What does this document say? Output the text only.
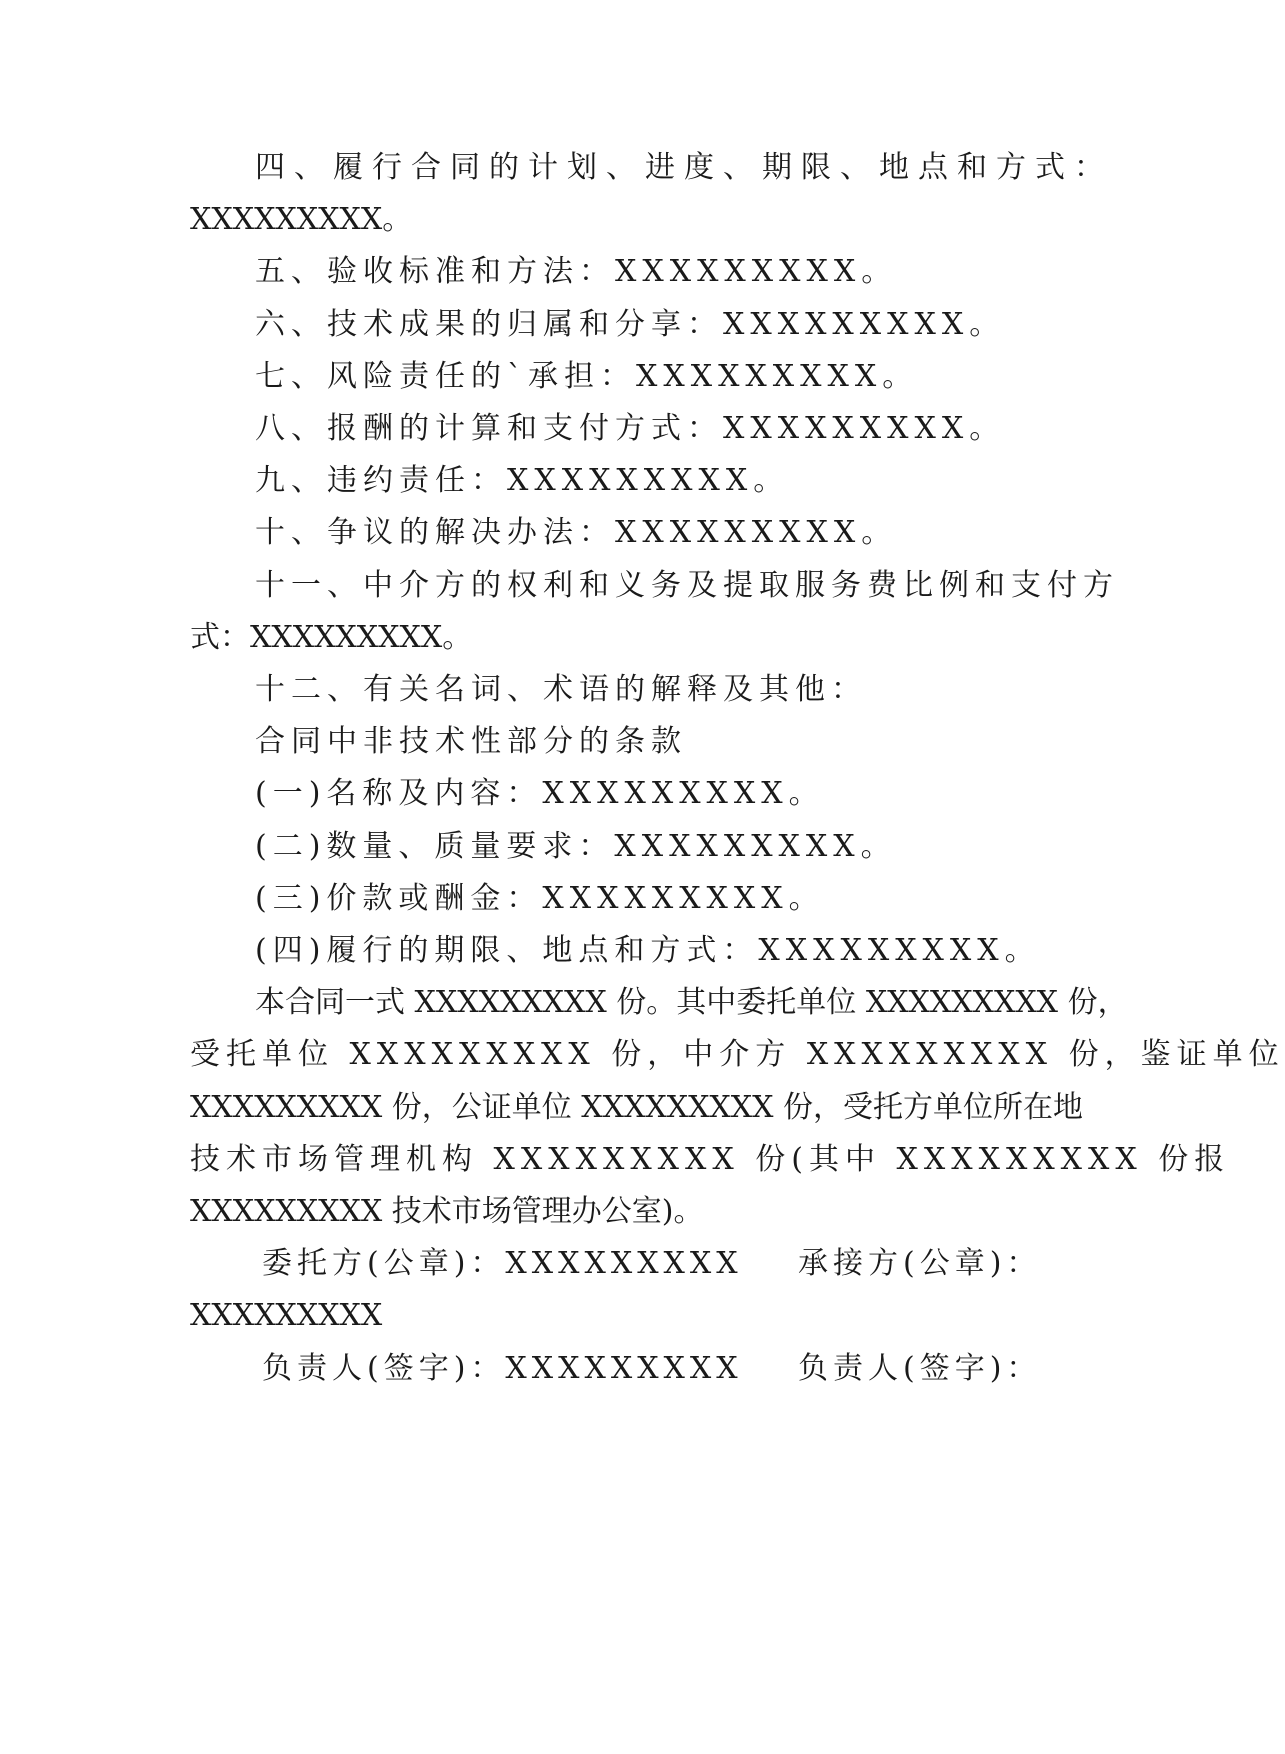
四、履行合同的计划、进度、期限、地点和方式：
XXXXXXXXX。
五、验收标准和方法：XXXXXXXXX。
六、技术成果的归属和分享：XXXXXXXXX。
七、风险责任的`承担：XXXXXXXXX。
八、报酬的计算和支付方式：XXXXXXXXX。
九、违约责任：XXXXXXXXX。
十、争议的解决办法：XXXXXXXXX。
十一、中介方的权利和义务及提取服务费比例和支付方
式：XXXXXXXXX。
十二、有关名词、术语的解释及其他：
合同中非技术性部分的条款
(一)名称及内容：XXXXXXXXX。
(二)数量、质量要求：XXXXXXXXX。
(三)价款或酬金：XXXXXXXXX。
(四)履行的期限、地点和方式：XXXXXXXXX。
本合同一式 XXXXXXXXX 份。其中委托单位 XXXXXXXXX 份，
受托单位 XXXXXXXXX 份，中介方 XXXXXXXXX 份，鉴证单位
XXXXXXXXX 份，公证单位 XXXXXXXXX 份，受托方单位所在地
技术市场管理机构 XXXXXXXXX 份(其中 XXXXXXXXX 份报
XXXXXXXXX 技术市场管理办公室)。
委托方(公章)：XXXXXXXXX 承接方(公章)：
XXXXXXXXX
负责人(签字)：XXXXXXXXX 负责人(签字)：
